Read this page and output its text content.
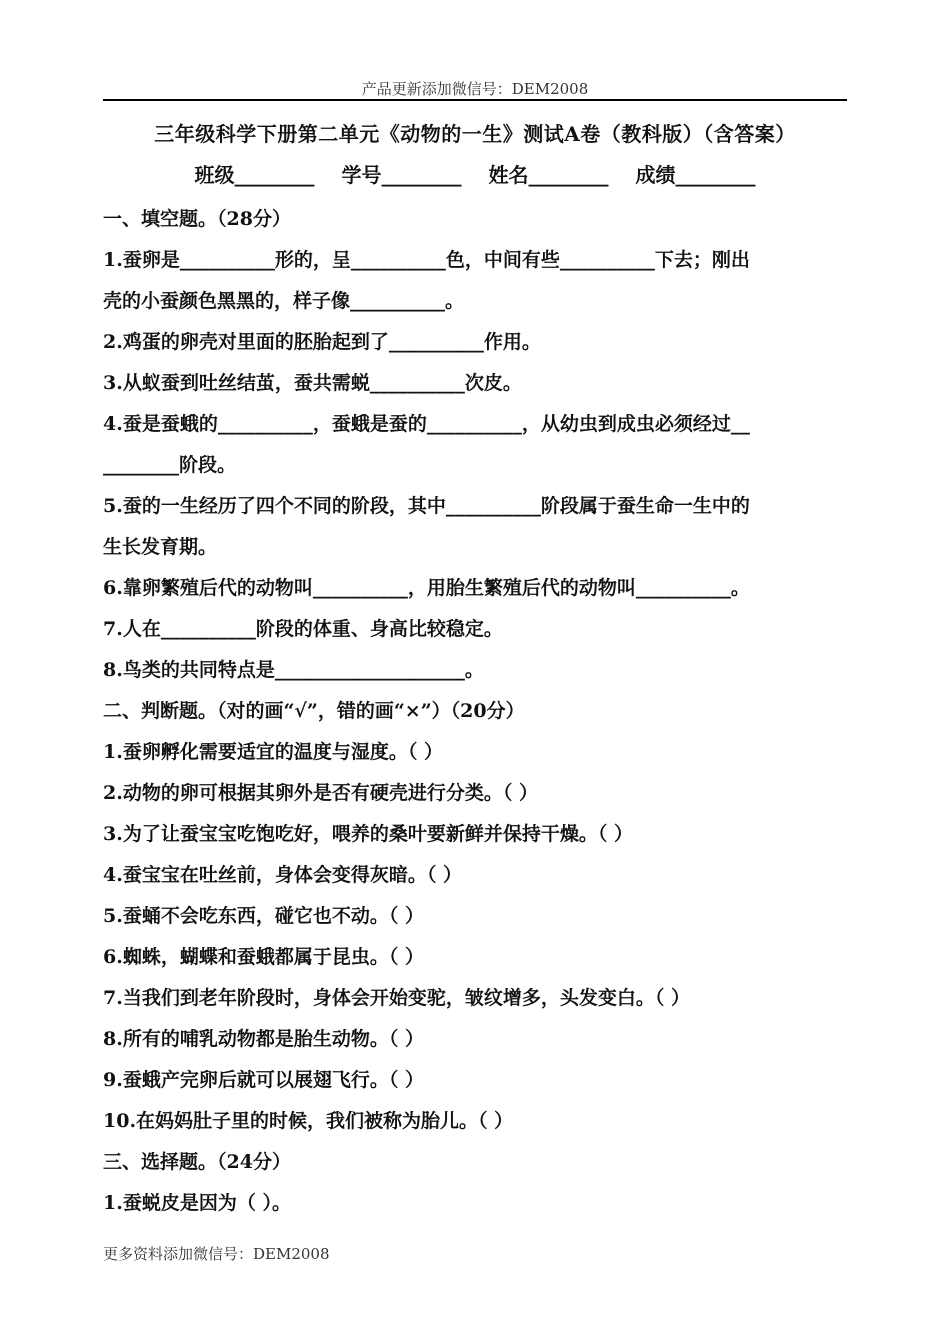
产品更新添加微信号：DEM2008
三年级科学下册第二单元《动物的一生》测试A卷（教科版）（含答案）
班级________ 学号________ 姓名________ 成绩________
一、填空题。（28分）
1.蚕卵是__________形的，呈__________色，中间有些__________下去；刚出
壳的小蚕颜色黑黑的，样子像__________。
2.鸡蛋的卵壳对里面的胚胎起到了__________作用。
3.从蚁蚕到吐丝结茧，蚕共需蜕__________次皮。
4.蚕是蚕蛾的__________，蚕蛾是蚕的__________，从幼虫到成虫必须经过__
________阶段。
5.蚕的一生经历了四个不同的阶段，其中__________阶段属于蚕生命一生中的
生长发育期。
6.靠卵繁殖后代的动物叫__________，用胎生繁殖后代的动物叫__________。
7.人在__________阶段的体重、身高比较稳定。
8.鸟类的共同特点是____________________。
二、判断题。（对的画“√”，错的画“×”）（20分）
1.蚕卵孵化需要适宜的温度与湿度。（ ）
2.动物的卵可根据其卵外是否有硬壳进行分类。（ ）
3.为了让蚕宝宝吃饱吃好，喂养的桑叶要新鲜并保持干燥。（ ）
4.蚕宝宝在吐丝前，身体会变得灰暗。（ ）
5.蚕蛹不会吃东西，碰它也不动。（ ）
6.蜘蛛，蝴蝶和蚕蛾都属于昆虫。（ ）
7.当我们到老年阶段时，身体会开始变驼，皱纹增多，头发变白。（ ）
8.所有的哺乳动物都是胎生动物。（ ）
9.蚕蛾产完卵后就可以展翅飞行。（ ）
10.在妈妈肚子里的时候，我们被称为胎儿。（ ）
三、选择题。（24分）
1.蚕蜕皮是因为（ ）。
更多资料添加微信号：DEM2008
